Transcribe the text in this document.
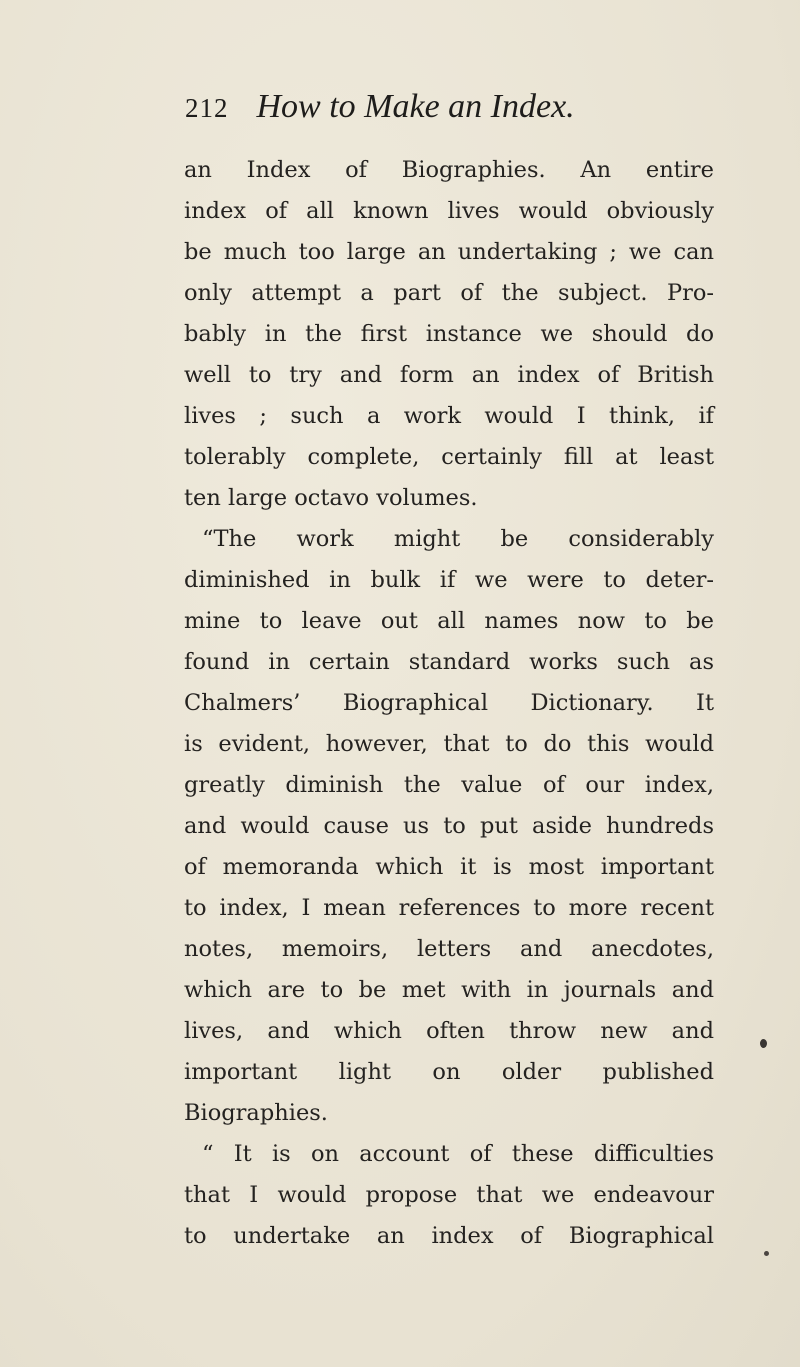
212 How to Make an Index.
an Index of Biographies. An entire
index of all known lives would obviously
be much too large an undertaking ; we can
only attempt a part of the subject. Pro-
bably in the first instance we should do
well to try and form an index of British
lives ; such a work would I think, if
tolerably complete, certainly fill at least
ten large octavo volumes.
“The work might be considerably
diminished in bulk if we were to deter-
mine to leave out all names now to be
found in certain standard works such as
Chalmers’ Biographical Dictionary. It
is evident, however, that to do this would
greatly diminish the value of our index,
and would cause us to put aside hundreds
of memoranda which it is most important
to index, I mean references to more recent
notes, memoirs, letters and anecdotes,
which are to be met with in journals and
lives, and which often throw new and
important light on older published
Biographies.
“ It is on account of these difficulties
that I would propose that we endeavour
to undertake an index of Biographical
